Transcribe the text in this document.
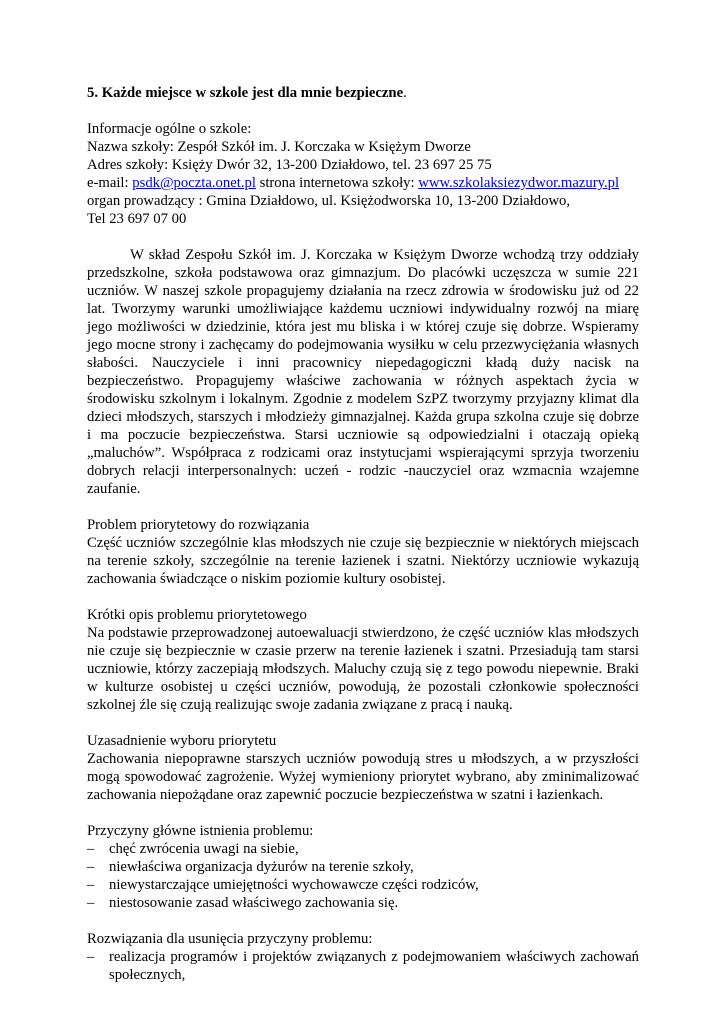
5. Każde miejsce w szkole jest dla mnie bezpieczne.

Informacje ogólne o szkole:

Nazwa szkoły: Zespół Szkół im. J. Korczaka w Księżym Dworze

Adres szkoły: Księży Dwór 32, 13-200 Działdowo, tel. 23 697 25 75

e-mail: psdk@poczta.onet.pl strona internetowa szkoły: www.szkolaksiezydwor.mazury.pl

organ prowadzący : Gmina Działdowo, ul. Księżodworska 10, 13-200 Działdowo,

Tel 23 697 07 00

W skład Zespołu Szkół im. J. Korczaka w Księżym Dworze wchodzą trzy oddziały przedszkolne, szkoła podstawowa oraz gimnazjum. Do placówki uczęszcza w sumie 221 uczniów. W naszej szkole propagujemy działania na rzecz zdrowia w środowisku już od 22 lat. Tworzymy warunki umożliwiające każdemu uczniowi indywidualny rozwój na miarę jego możliwości w dziedzinie, która jest mu bliska i w której czuje się dobrze. Wspieramy jego mocne strony i zachęcamy do podejmowania wysiłku w celu przezwyciężania własnych słabości. Nauczyciele i inni pracownicy niepedagogiczni kładą duży nacisk na bezpieczeństwo. Propagujemy właściwe zachowania w różnych aspektach życia w środowisku szkolnym i lokalnym. Zgodnie z modelem SzPZ tworzymy przyjazny klimat dla dzieci młodszych, starszych i młodzieży gimnazjalnej. Każda grupa szkolna czuje się dobrze i ma poczucie bezpieczeństwa. Starsi uczniowie są odpowiedzialni i otaczają opieką „maluchów”. Współpraca z rodzicami oraz instytucjami wspierającymi sprzyja tworzeniu dobrych relacji interpersonalnych: uczeń - rodzic -nauczyciel oraz wzmacnia wzajemne zaufanie.

Problem priorytetowy do rozwiązania

Część uczniów szczególnie klas młodszych nie czuje się bezpiecznie w niektórych miejscach na terenie szkoły, szczególnie na terenie łazienek i szatni. Niektórzy uczniowie wykazują zachowania świadczące o niskim poziomie kultury osobistej.

Krótki opis problemu priorytetowego

Na podstawie przeprowadzonej autoewaluacji stwierdzono, że część uczniów klas młodszych nie czuje się bezpiecznie w czasie przerw na terenie łazienek i szatni. Przesiadują tam starsi uczniowie, którzy zaczepiają młodszych. Maluchy czują się z tego powodu niepewnie. Braki w kulturze osobistej u części uczniów, powodują, że pozostali członkowie społeczności szkolnej źle się czują realizując swoje zadania związane z pracą i nauką.

Uzasadnienie wyboru priorytetu

Zachowania niepoprawne starszych uczniów powodują stres u młodszych, a w przyszłości mogą spowodować zagrożenie. Wyżej wymieniony priorytet wybrano, aby zminimalizować zachowania niepożądane oraz zapewnić poczucie bezpieczeństwa w szatni i łazienkach.

Przyczyny główne istnienia problemu:

– chęć zwrócenia uwagi na siebie,
– niewłaściwa organizacja dyżurów na terenie szkoły,
– niewystarczające umiejętności wychowawcze części rodziców,
– niestosowanie zasad właściwego zachowania się.

Rozwiązania dla usunięcia przyczyny problemu:

– realizacja programów i projektów związanych z podejmowaniem właściwych zachowań społecznych,
